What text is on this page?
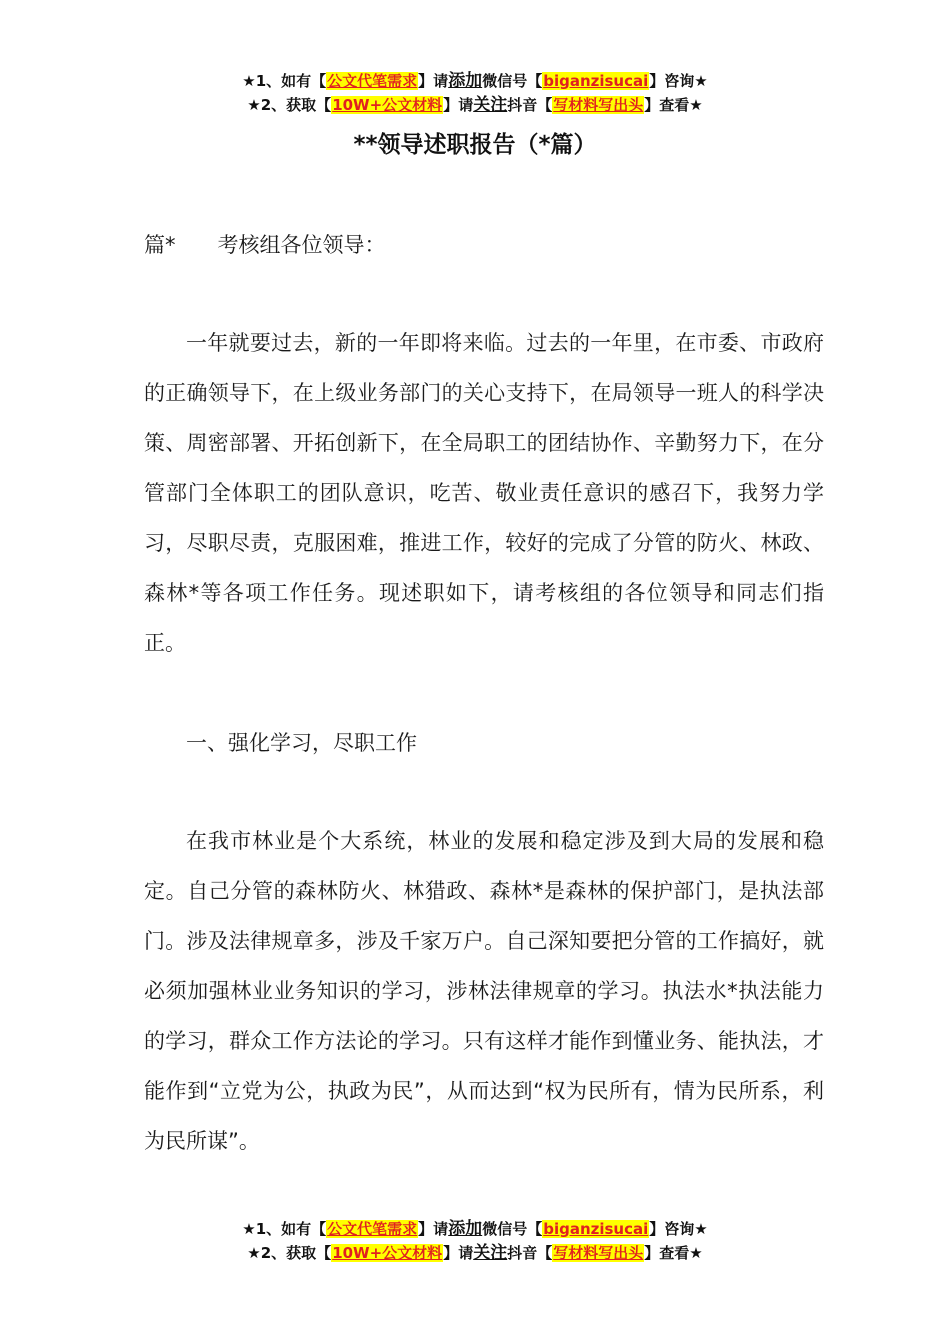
★1、如有【公文代笔需求】请添加微信号【biganzisucai】咨询★
★2、获取【10W+公文材料】请关注抖音【写材料写出头】查看★
**领导述职报告（*篇）
篇* 考核组各位领导：

一年就要过去，新的一年即将来临。过去的一年里，在市委、市政府的正确领导下，在上级业务部门的关心支持下，在局领导一班人的科学决策、周密部署、开拓创新下，在全局职工的团结协作、辛勤努力下，在分管部门全体职工的团队意识，吃苦、敬业责任意识的感召下，我努力学习，尽职尽责，克服困难，推进工作，较好的完成了分管的防火、林政、森林*等各项工作任务。现述职如下，请考核组的各位领导和同志们指正。

一、强化学习，尽职工作

在我市林业是个大系统，林业的发展和稳定涉及到大局的发展和稳定。自己分管的森林防火、林猎政、森林*是森林的保护部门，是执法部门。涉及法律规章多，涉及千家万户。自己深知要把分管的工作搞好，就必须加强林业业务知识的学习，涉林法律规章的学习。执法水*执法能力的学习，群众工作方法论的学习。只有这样才能作到懂业务、能执法，才能作到“立党为公，执政为民”，从而达到“权为民所有，情为民所系，利为民所谋”。

★1、如有【公文代笔需求】请添加微信号【biganzisucai】咨询★
★2、获取【10W+公文材料】请关注抖音【写材料写出头】查看★
